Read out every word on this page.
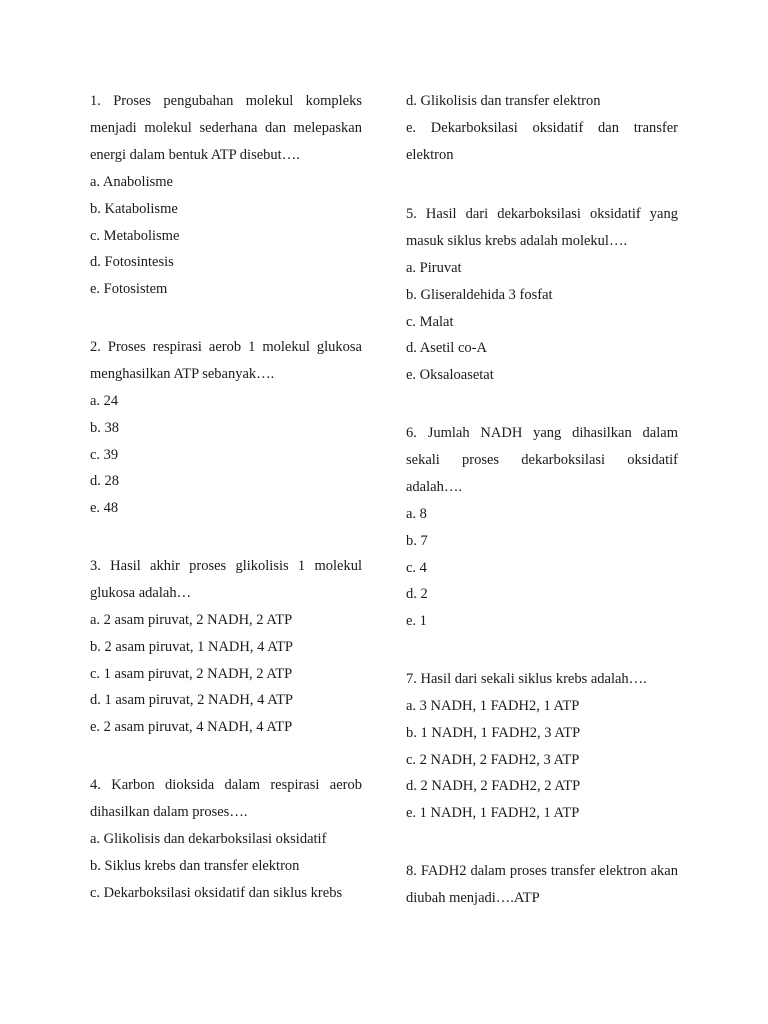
1. Proses pengubahan molekul kompleks menjadi molekul sederhana dan melepaskan energi dalam bentuk ATP disebut….

a. Anabolisme

b. Katabolisme

c. Metabolisme

d. Fotosintesis

e. Fotosistem

2. Proses respirasi aerob 1 molekul glukosa menghasilkan ATP sebanyak….

a. 24

b. 38

c. 39

d. 28

e. 48

3. Hasil akhir proses glikolisis 1 molekul glukosa adalah…

a. 2 asam piruvat, 2 NADH, 2 ATP

b. 2 asam piruvat, 1 NADH, 4 ATP

c. 1 asam piruvat, 2 NADH, 2 ATP

d. 1 asam piruvat, 2 NADH, 4 ATP

e. 2 asam piruvat, 4 NADH, 4 ATP

4. Karbon dioksida dalam respirasi aerob dihasilkan dalam proses….

a. Glikolisis dan dekarboksilasi oksidatif

b. Siklus krebs dan transfer elektron

c. Dekarboksilasi oksidatif dan siklus krebs

d. Glikolisis dan transfer elektron

e. Dekarboksilasi oksidatif dan transfer elektron

5. Hasil dari dekarboksilasi oksidatif yang masuk siklus krebs adalah molekul….

a. Piruvat

b. Gliseraldehida 3 fosfat

c. Malat

d. Asetil co-A

e. Oksaloasetat

6. Jumlah NADH yang dihasilkan dalam sekali proses dekarboksilasi oksidatif adalah….

a. 8

b. 7

c. 4

d. 2

e. 1

7. Hasil dari sekali siklus krebs adalah….

a. 3 NADH, 1 FADH2, 1 ATP

b. 1 NADH, 1 FADH2, 3 ATP

c. 2 NADH, 2 FADH2, 3 ATP

d. 2 NADH, 2 FADH2, 2 ATP

e. 1 NADH, 1 FADH2, 1 ATP

8. FADH2 dalam proses transfer elektron akan diubah menjadi….ATP
